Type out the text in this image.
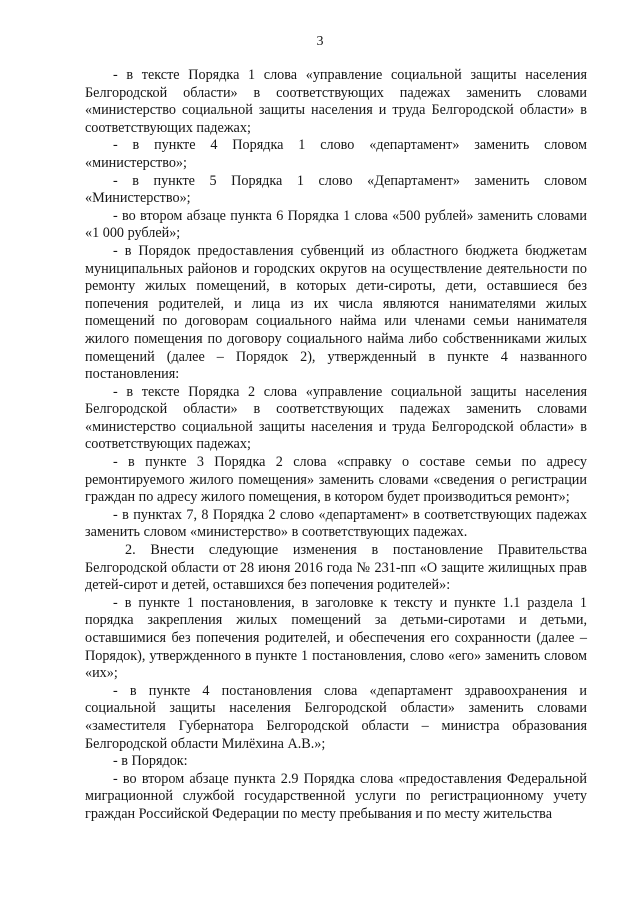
3

- в тексте Порядка 1 слова «управление социальной защиты населения Белгородской области» в соответствующих падежах заменить словами «министерство социальной защиты населения и труда Белгородской области» в соответствующих падежах;

- в пункте 4 Порядка 1 слово «департамент» заменить словом «министерство»;

- в пункте 5 Порядка 1 слово «Департамент» заменить словом «Министерство»;

- во втором абзаце пункта 6 Порядка 1 слова «500 рублей» заменить словами «1 000 рублей»;

- в Порядок предоставления субвенций из областного бюджета бюджетам муниципальных районов и городских округов на осуществление деятельности по ремонту жилых помещений, в которых дети-сироты, дети, оставшиеся без попечения родителей, и лица из их числа являются нанимателями жилых помещений по договорам социального найма или членами семьи нанимателя жилого помещения по договору социального найма либо собственниками жилых помещений (далее – Порядок 2), утвержденный в пункте 4 названного постановления:

- в тексте Порядка 2 слова «управление социальной защиты населения Белгородской области» в соответствующих падежах заменить словами «министерство социальной защиты населения и труда Белгородской области» в соответствующих падежах;

- в пункте 3 Порядка 2 слова «справку о составе семьи по адресу ремонтируемого жилого помещения» заменить словами «сведения о регистрации граждан по адресу жилого помещения, в котором будет производиться ремонт»;

- в пунктах 7, 8 Порядка 2 слово «департамент» в соответствующих падежах заменить словом «министерство» в соответствующих падежах.

2. Внести следующие изменения в постановление Правительства Белгородской области от 28 июня 2016 года № 231-пп «О защите жилищных прав детей-сирот и детей, оставшихся без попечения родителей»:

- в пункте 1 постановления, в заголовке к тексту и пункте 1.1 раздела 1 порядка закрепления жилых помещений за детьми-сиротами и детьми, оставшимися без попечения родителей, и обеспечения его сохранности (далее – Порядок), утвержденного в пункте 1 постановления, слово «его» заменить словом «их»;

- в пункте 4 постановления слова «департамент здравоохранения и социальной защиты населения Белгородской области» заменить словами «заместителя Губернатора Белгородской области – министра образования Белгородской области Милёхина А.В.»;

- в Порядок:

- во втором абзаце пункта 2.9 Порядка слова «предоставления Федеральной миграционной службой государственной услуги по регистрационному учету граждан Российской Федерации по месту пребывания и по месту жительства
